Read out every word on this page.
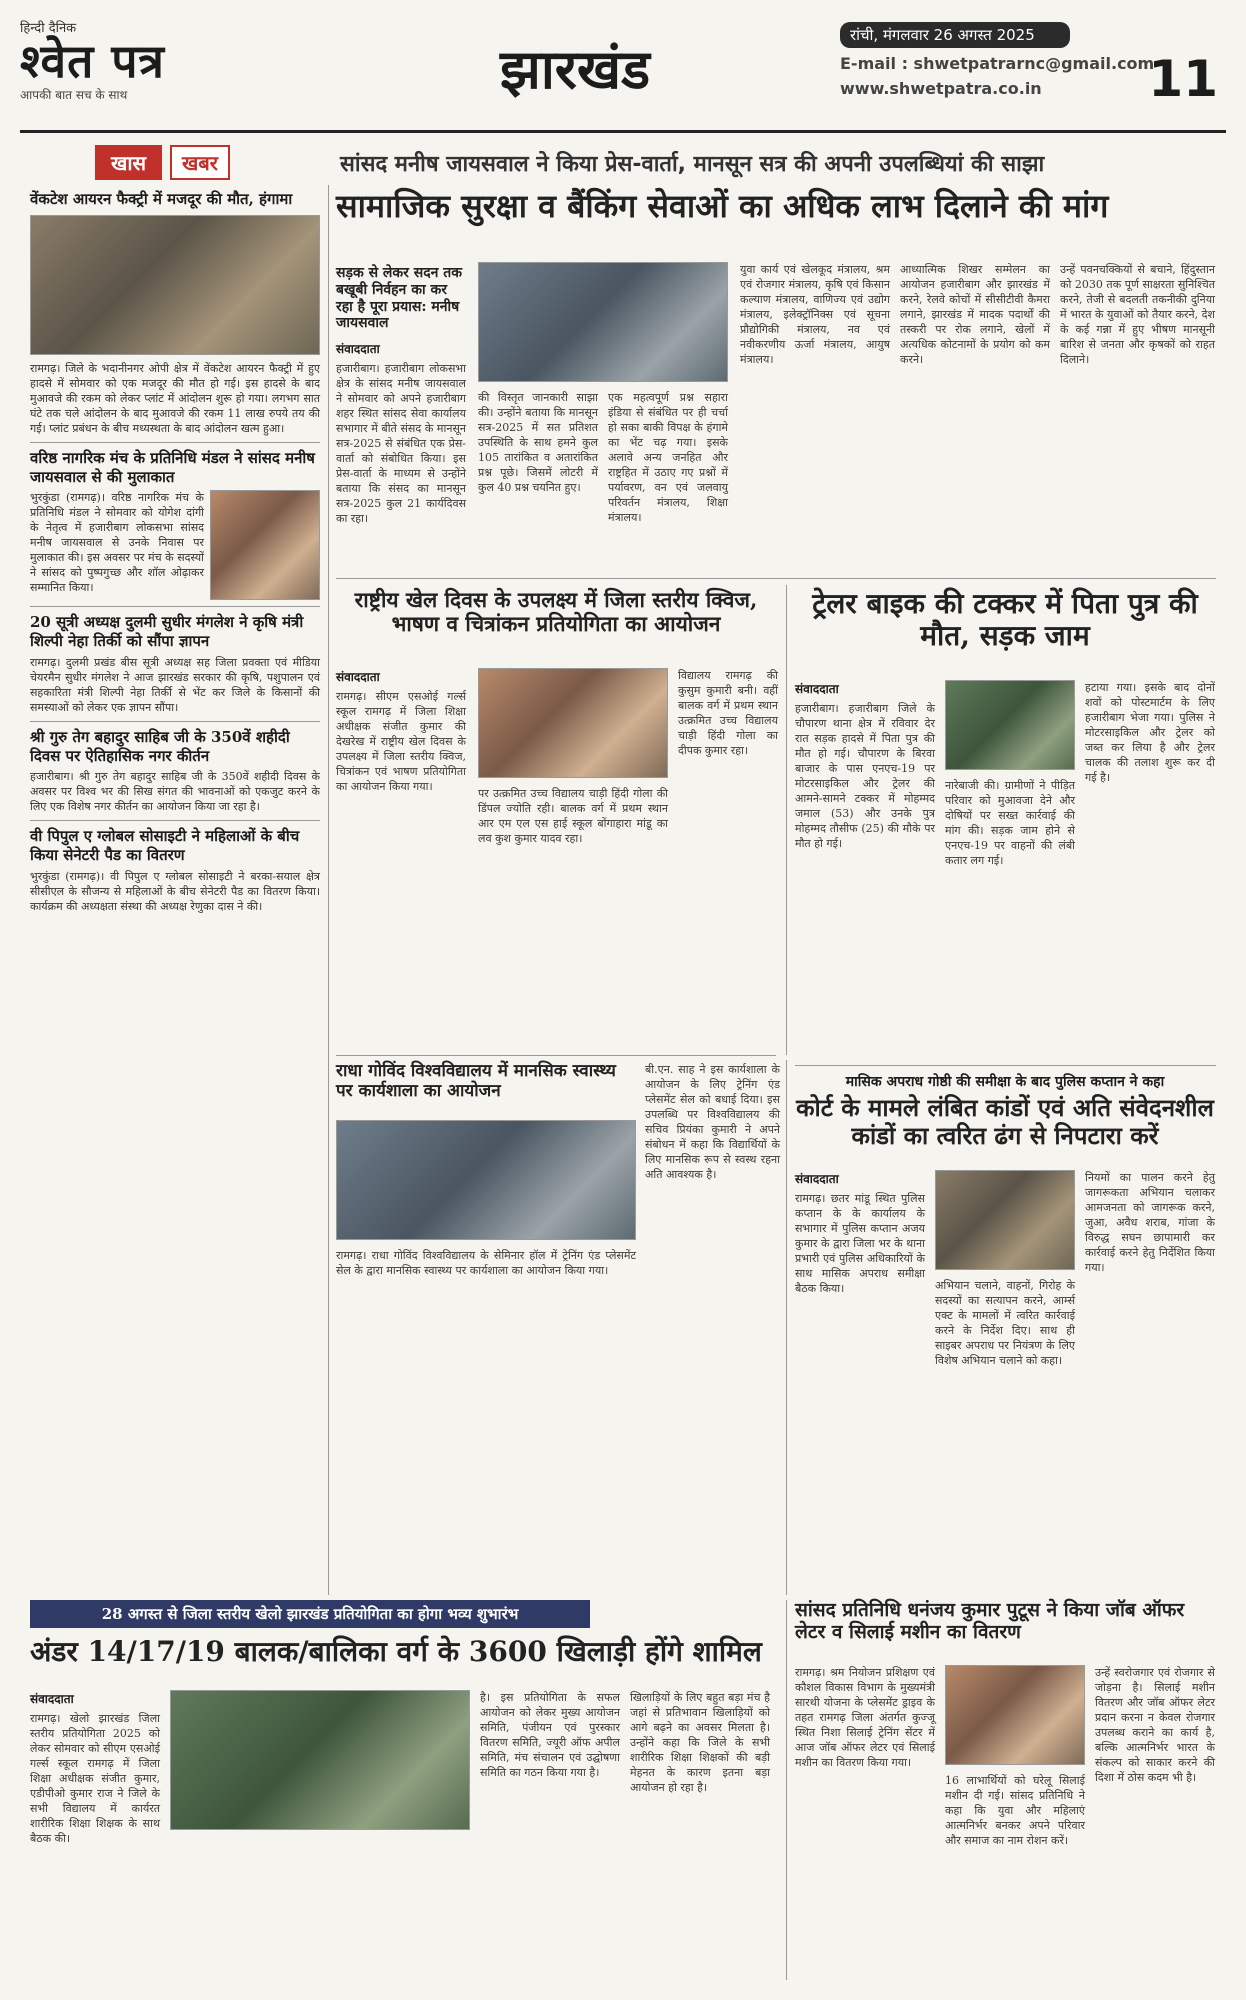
हिन्दी दैनिक
श्वेत पत्र
आपकी बात सच के साथ	झारखंड
रांची, मंगलवार 26 अगस्त 2025
E-mail : shwetpatrarnc@gmail.com
www.shwetpatra.co.in	11
खास	खबर	सांसद मनीष जायसवाल ने किया प्रेस-वार्ता, मानसून सत्र की अपनी उपलब्धियां की साझा
वेंकटेश आयरन फैक्ट्री में मजदूर की मौत, हंगामा
रामगढ़। जिले के भदानीनगर ओपी क्षेत्र में वेंकटेश आयरन फैक्ट्री में हुए हादसे में सोमवार को एक मजदूर की मौत हो गई। इस हादसे के बाद मुआवजे की रकम को लेकर प्लांट में आंदोलन शुरू हो गया। लगभग सात घंटे तक चले आंदोलन के बाद मुआवजे की रकम 11 लाख रुपये तय की गई। प्लांट प्रबंधन के बीच मध्यस्थता के बाद आंदोलन खत्म हुआ।
वरिष्ठ नागरिक मंच के प्रतिनिधि मंडल ने सांसद मनीष जायसवाल से की मुलाकात
भुरकुंडा (रामगढ़)। वरिष्ठ नागरिक मंच के प्रतिनिधि मंडल ने सोमवार को योगेश दांगी के नेतृत्व में हजारीबाग लोकसभा सांसद मनीष जायसवाल से उनके निवास पर मुलाकात की। इस अवसर पर मंच के सदस्यों ने सांसद को पुष्पगुच्छ और शॉल ओढ़ाकर सम्मानित किया।
20 सूत्री अध्यक्ष दुलमी सुधीर मंगलेश ने कृषि मंत्री शिल्पी नेहा तिर्की को सौंपा ज्ञापन
रामगढ़। दुलमी प्रखंड बीस सूत्री अध्यक्ष सह जिला प्रवक्ता एवं मीडिया चेयरमैन सुधीर मंगलेश ने आज झारखंड सरकार की कृषि, पशुपालन एवं सहकारिता मंत्री शिल्पी नेहा तिर्की से भेंट कर जिले के किसानों की समस्याओं को लेकर एक ज्ञापन सौंपा।
श्री गुरु तेग बहादुर साहिब जी के 350वें शहीदी दिवस पर ऐतिहासिक नगर कीर्तन
हजारीबाग। श्री गुरु तेग बहादुर साहिब जी के 350वें शहीदी दिवस के अवसर पर विश्व भर की सिख संगत की भावनाओं को एकजुट करने के लिए एक विशेष नगर कीर्तन का आयोजन किया जा रहा है।
वी पिपुल ए ग्लोबल सोसाइटी ने महिलाओं के बीच किया सेनेटरी पैड का वितरण
भुरकुंडा (रामगढ़)। वी पिपुल ए ग्लोबल सोसाइटी ने बरका-सयाल क्षेत्र सीसीएल के सौजन्य से महिलाओं के बीच सेनेटरी पैड का वितरण किया। कार्यक्रम की अध्यक्षता संस्था की अध्यक्ष रेणुका दास ने की।
सामाजिक सुरक्षा व बैंकिंग सेवाओं का अधिक लाभ दिलाने की मांग
सड़क से लेकर सदन तक बखूबी निर्वहन का कर रहा है पूरा प्रयास: मनीष जायसवाल
संवाददाता
हजारीबाग। हजारीबाग लोकसभा क्षेत्र के सांसद मनीष जायसवाल ने सोमवार को अपने हजारीबाग शहर स्थित सांसद सेवा कार्यालय सभागार में बीते संसद के मानसून सत्र-2025 से संबंधित एक प्रेस-वार्ता को संबोधित किया। इस प्रेस-वार्ता के माध्यम से उन्होंने बताया कि संसद का मानसून सत्र-2025 कुल 21 कार्यदिवस का रहा।
की विस्तृत जानकारी साझा की। उन्होंने बताया कि मानसून सत्र-2025 में सत प्रतिशत उपस्थिति के साथ हमने कुल 105 तारांकित व अतारांकित प्रश्न पूछे। जिसमें लोटरी में कुल 40 प्रश्न चयनित हुए।
एक महत्वपूर्ण प्रश्न सहारा इंडिया से संबंधित पर ही चर्चा हो सका बाकी विपक्ष के हंगामे का भेंट चढ़ गया। इसके अलावे अन्य जनहित और राष्ट्रहित में उठाए गए प्रश्नों में पर्यावरण, वन एवं जलवायु परिवर्तन मंत्रालय, शिक्षा मंत्रालय।
युवा कार्य एवं खेलकूद मंत्रालय, श्रम एवं रोजगार मंत्रालय, कृषि एवं किसान कल्याण मंत्रालय, वाणिज्य एवं उद्योग मंत्रालय, इलेक्ट्रॉनिक्स एवं सूचना प्रौद्योगिकी मंत्रालय, नव एवं नवीकरणीय ऊर्जा मंत्रालय, आयुष मंत्रालय।
आध्यात्मिक शिखर सम्मेलन का आयोजन हजारीबाग और झारखंड में करने, रेलवे कोचों में सीसीटीवी कैमरा लगाने, झारखंड में मादक पदार्थों की तस्करी पर रोक लगाने, खेलों में अत्यधिक कोटनामों के प्रयोग को कम करने।
उन्हें पवनचक्कियों से बचाने, हिंदुस्तान को 2030 तक पूर्ण साक्षरता सुनिश्चित करने, तेजी से बदलती तकनीकी दुनिया में भारत के युवाओं को तैयार करने, देश के कई गन्ना में हुए भीषण मानसूनी बारिश से जनता और कृषकों को राहत दिलाने।
राष्ट्रीय खेल दिवस के उपलक्ष्य में जिला स्तरीय क्विज, भाषण व चित्रांकन प्रतियोगिता का आयोजन
संवाददाता
रामगढ़। सीएम एसओई गर्ल्स स्कूल रामगढ़ में जिला शिक्षा अधीक्षक संजीत कुमार की देखरेख में राष्ट्रीय खेल दिवस के उपलक्ष्य में जिला स्तरीय क्विज, चित्रांकन एवं भाषण प्रतियोगिता का आयोजन किया गया।
पर उत्क्रमित उच्च विद्यालय चाड़ी हिंदी गोला की डिंपल ज्योति रही। बालक वर्ग में प्रथम स्थान आर एम एल एस हाई स्कूल बोंगाहारा मांडू का लव कुश कुमार यादव रहा।
विद्यालय रामगढ़ की कुसुम कुमारी बनी। वहीं बालक वर्ग में प्रथम स्थान उत्क्रमित उच्च विद्यालय चाड़ी हिंदी गोला का दीपक कुमार रहा।
ट्रेलर बाइक की टक्कर में पिता पुत्र की मौत, सड़क जाम
संवाददाता
हजारीबाग। हजारीबाग जिले के चौपारण थाना क्षेत्र में रविवार देर रात सड़क हादसे में पिता पुत्र की मौत हो गई। चौपारण के बिरवा बाजार के पास एनएच-19 पर मोटरसाइकिल और ट्रेलर की आमने-सामने टक्कर में मोहम्मद जमाल (53) और उनके पुत्र मोहम्मद तौसीफ (25) की मौके पर मौत हो गई।
नारेबाजी की। ग्रामीणों ने पीड़ित परिवार को मुआवजा देने और दोषियों पर सख्त कार्रवाई की मांग की। सड़क जाम होने से एनएच-19 पर वाहनों की लंबी कतार लग गई।
हटाया गया। इसके बाद दोनों शवों को पोस्टमार्टम के लिए हजारीबाग भेजा गया। पुलिस ने मोटरसाइकिल और ट्रेलर को जब्त कर लिया है और ट्रेलर चालक की तलाश शुरू कर दी गई है।
राधा गोविंद विश्वविद्यालय में मानसिक स्वास्थ्य पर कार्यशाला का आयोजन
रामगढ़। राधा गोविंद विश्वविद्यालय के सेमिनार हॉल में ट्रेनिंग एंड प्लेसमेंट सेल के द्वारा मानसिक स्वास्थ्य पर कार्यशाला का आयोजन किया गया।
बी.एन. साह ने इस कार्यशाला के आयोजन के लिए ट्रेनिंग एंड प्लेसमेंट सेल को बधाई दिया। इस उपलब्धि पर विश्वविद्यालय की सचिव प्रियंका कुमारी ने अपने संबोधन में कहा कि विद्यार्थियों के लिए मानसिक रूप से स्वस्थ रहना अति आवश्यक है।
मासिक अपराध गोष्ठी की समीक्षा के बाद पुलिस कप्तान ने कहा
कोर्ट के मामले लंबित कांडों एवं अति संवेदनशील कांडों का त्वरित ढंग से निपटारा करें
संवाददाता
रामगढ़। छतर मांडू स्थित पुलिस कप्तान के के कार्यालय के सभागार में पुलिस कप्तान अजय कुमार के द्वारा जिला भर के थाना प्रभारी एवं पुलिस अधिकारियों के साथ मासिक अपराध समीक्षा बैठक किया।	अभियान चलाने, वाहनों, गिरोह के सदस्यों का सत्यापन करने, आर्म्स एक्ट के मामलों में त्वरित कार्रवाई करने के निर्देश दिए। साथ ही साइबर अपराध पर नियंत्रण के लिए विशेष अभियान चलाने को कहा।
नियमों का पालन करने हेतु जागरूकता अभियान चलाकर आमजनता को जागरूक करने, जुआ, अवैध शराब, गांजा के विरुद्ध सघन छापामारी कर कार्रवाई करने हेतु निर्देशित किया गया।
28 अगस्त से जिला स्तरीय खेलो झारखंड प्रतियोगिता का होगा भव्य शुभारंभ
अंडर 14/17/19 बालक/बालिका वर्ग के 3600 खिलाड़ी होंगे शामिल
संवाददाता
रामगढ़। खेलो झारखंड जिला स्तरीय प्रतियोगिता 2025 को लेकर सोमवार को सीएम एसओई गर्ल्स स्कूल रामगढ़ में जिला शिक्षा अधीक्षक संजीत कुमार, एडीपीओ कुमार राज ने जिले के सभी विद्यालय में कार्यरत शारीरिक शिक्षा शिक्षक के साथ बैठक की।
है। इस प्रतियोगिता के सफल आयोजन को लेकर मुख्य आयोजन समिति, पंजीयन एवं पुरस्कार वितरण समिति, ज्यूरी ऑफ अपील समिति, मंच संचालन एवं उद्घोषणा समिति का गठन किया गया है।
खिलाड़ियों के लिए बहुत बड़ा मंच है जहां से प्रतिभावान खिलाड़ियों को आगे बढ़ने का अवसर मिलता है। उन्होंने कहा कि जिले के सभी शारीरिक शिक्षा शिक्षकों की बड़ी मेहनत के कारण इतना बड़ा आयोजन हो रहा है।
सांसद प्रतिनिधि धनंजय कुमार पुटूस ने किया जॉब ऑफर लेटर व सिलाई मशीन का वितरण
रामगढ़। श्रम नियोजन प्रशिक्षण एवं कौशल विकास विभाग के मुख्यमंत्री सारथी योजना के प्लेसमेंट ड्राइव के तहत रामगढ़ जिला अंतर्गत कुज्जू स्थित निशा सिलाई ट्रेनिंग सेंटर में आज जॉब ऑफर लेटर एवं सिलाई मशीन का वितरण किया गया।
16 लाभार्थियों को घरेलू सिलाई मशीन दी गई। सांसद प्रतिनिधि ने कहा कि युवा और महिलाएं आत्मनिर्भर बनकर अपने परिवार और समाज का नाम रोशन करें।
उन्हें स्वरोजगार एवं रोजगार से जोड़ना है। सिलाई मशीन वितरण और जॉब ऑफर लेटर प्रदान करना न केवल रोजगार उपलब्ध कराने का कार्य है, बल्कि आत्मनिर्भर भारत के संकल्प को साकार करने की दिशा में ठोस कदम भी है।
